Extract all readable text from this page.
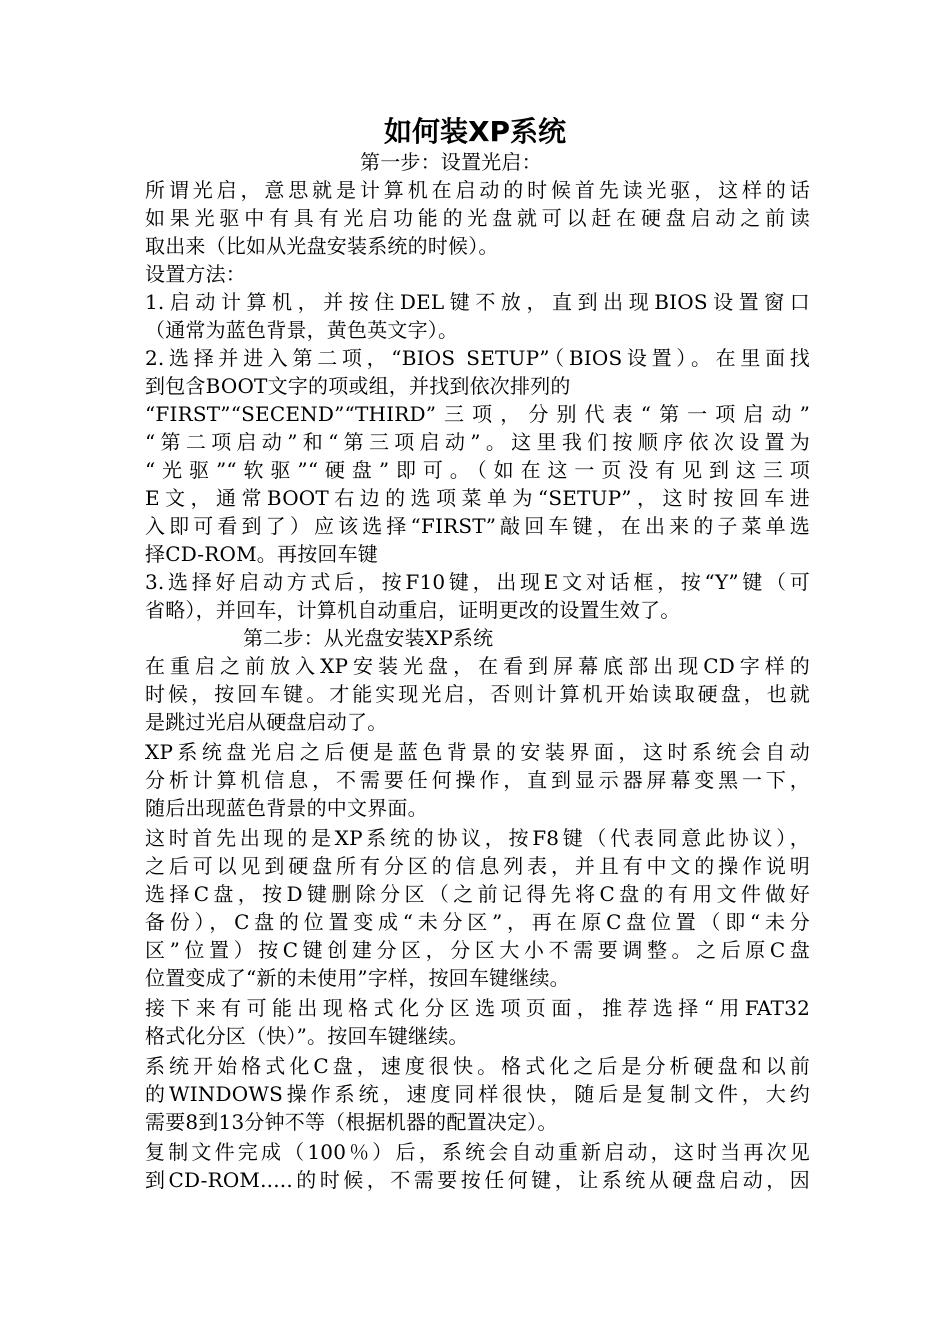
如何装XP系统
第一步：设置光启：
所谓光启，意思就是计算机在启动的时候首先读光驱，这样的话
如果光驱中有具有光启功能的光盘就可以赶在硬盘启动之前读
取出来（比如从光盘安装系统的时候）。
设置方法：
1.启动计算机，并按住DEL键不放，直到出现BIOS设置窗口
（通常为蓝色背景，黄色英文字）。
2.选择并进入第二项，“BIOS SETUP”（BIOS设置）。在里面找
到包含BOOT文字的项或组，并找到依次排列的
“FIRST”“SECEND”“THIRD”三项，分别代表“第一项启动”
“第二项启动”和“第三项启动”。这里我们按顺序依次设置为
“光驱”“软驱”“硬盘”即可。（如在这一页没有见到这三项
E文，通常BOOT右边的选项菜单为“SETUP”，这时按回车进
入即可看到了）应该选择“FIRST”敲回车键，在出来的子菜单选
择CD-ROM。再按回车键
3.选择好启动方式后，按F10键，出现E文对话框，按“Y”键（可
省略），并回车，计算机自动重启，证明更改的设置生效了。
第二步：从光盘安装XP系统
在重启之前放入XP安装光盘，在看到屏幕底部出现CD字样的
时候，按回车键。才能实现光启，否则计算机开始读取硬盘，也就
是跳过光启从硬盘启动了。
XP系统盘光启之后便是蓝色背景的安装界面，这时系统会自动
分析计算机信息，不需要任何操作，直到显示器屏幕变黑一下，
随后出现蓝色背景的中文界面。
这时首先出现的是XP系统的协议，按F8键（代表同意此协议），
之后可以见到硬盘所有分区的信息列表，并且有中文的操作说明
选择C盘，按D键删除分区（之前记得先将C盘的有用文件做好
备份），C盘的位置变成“未分区”，再在原C盘位置（即“未分
区”位置）按C键创建分区，分区大小不需要调整。之后原C盘
位置变成了“新的未使用”字样，按回车键继续。
接下来有可能出现格式化分区选项页面，推荐选择“用FAT32
格式化分区（快）”。按回车键继续。
系统开始格式化C盘，速度很快。格式化之后是分析硬盘和以前
的WINDOWS操作系统，速度同样很快，随后是复制文件，大约
需要8到13分钟不等（根据机器的配置决定）。
复制文件完成（100％）后，系统会自动重新启动，这时当再次见
到CD-ROM.....的时候，不需要按任何键，让系统从硬盘启动，因
